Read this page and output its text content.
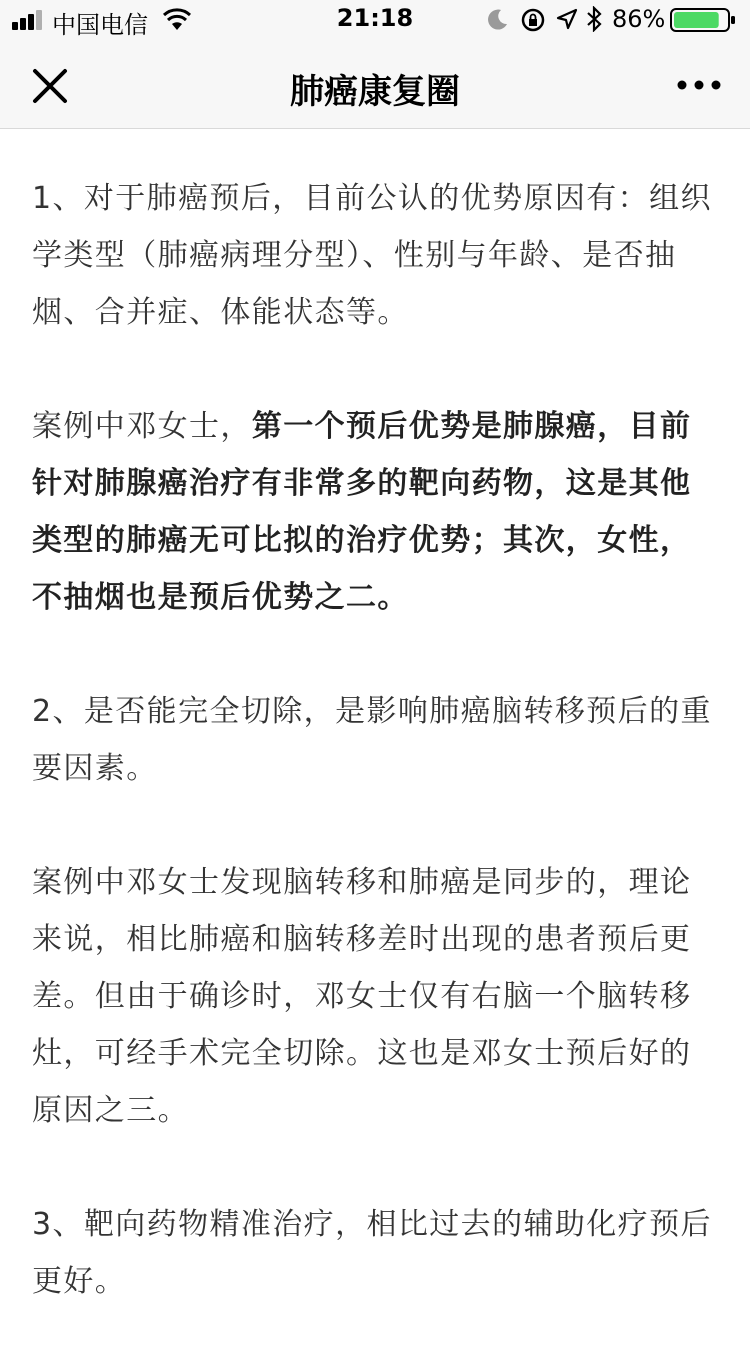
中国电信	21:18	86%
肺癌康复圈

1、对于肺癌预后，目前公认的优势原因有：组织学类型（肺癌病理分型）、性别与年龄、是否抽烟、合并症、体能状态等。

案例中邓女士，第一个预后优势是肺腺癌，目前针对肺腺癌治疗有非常多的靶向药物，这是其他类型的肺癌无可比拟的治疗优势；其次，女性，不抽烟也是预后优势之二。

2、是否能完全切除，是影响肺癌脑转移预后的重要因素。

案例中邓女士发现脑转移和肺癌是同步的，理论来说，相比肺癌和脑转移差时出现的患者预后更差。但由于确诊时，邓女士仅有右脑一个脑转移灶，可经手术完全切除。这也是邓女士预后好的原因之三。

3、靶向药物精准治疗，相比过去的辅助化疗预后更好。
